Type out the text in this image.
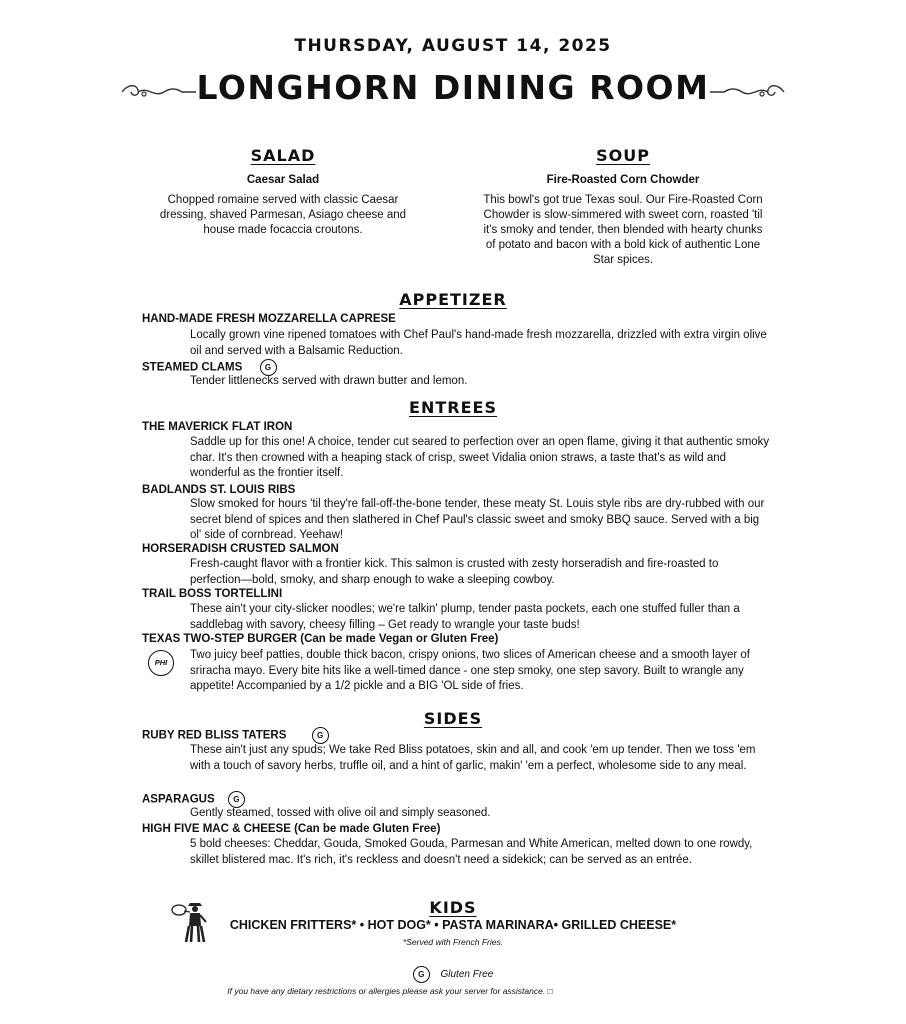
THURSDAY, AUGUST 14, 2025
LONGHORN DINING ROOM
SALAD
Caesar Salad
Chopped romaine served with classic Caesar dressing, shaved Parmesan, Asiago cheese and house made focaccia croutons.
SOUP
Fire-Roasted Corn Chowder
This bowl's got true Texas soul. Our Fire-Roasted Corn Chowder is slow-simmered with sweet corn, roasted 'til it's smoky and tender, then blended with hearty chunks of potato and bacon with a bold kick of authentic Lone Star spices.
APPETIZER
HAND-MADE FRESH MOZZARELLA CAPRESE
Locally grown vine ripened tomatoes with Chef Paul's hand-made fresh mozzarella, drizzled with extra virgin olive oil and served with a Balsamic Reduction.
STEAMED CLAMS	G
Tender littlenecks served with drawn butter and lemon.
ENTREES
THE MAVERICK FLAT IRON
Saddle up for this one! A choice, tender cut seared to perfection over an open flame, giving it that authentic smoky char. It's then crowned with a heaping stack of crisp, sweet Vidalia onion straws, a taste that's as wild and wonderful as the frontier itself.
BADLANDS ST. LOUIS RIBS
Slow smoked for hours 'til they're fall-off-the-bone tender, these meaty St. Louis style ribs are dry-rubbed with our secret blend of spices and then slathered in Chef Paul's classic sweet and smoky BBQ sauce. Served with a big ol' side of cornbread. Yeehaw!
HORSERADISH CRUSTED SALMON
Fresh-caught flavor with a frontier kick. This salmon is crusted with zesty horseradish and fire-roasted to perfection—bold, smoky, and sharp enough to wake a sleeping cowboy.
TRAIL BOSS TORTELLINI
These ain't your city-slicker noodles; we're talkin' plump, tender pasta pockets, each one stuffed fuller than a saddlebag with savory, cheesy filling – Get ready to wrangle your taste buds!
TEXAS TWO-STEP BURGER (Can be made Vegan or Gluten Free)
PHI
Two juicy beef patties, double thick bacon, crispy onions, two slices of American cheese and a smooth layer of sriracha mayo. Every bite hits like a well-timed dance - one step smoky, one step savory. Built to wrangle any appetite! Accompanied by a 1/2 pickle and a BIG 'OL side of fries.
SIDES
RUBY RED BLISS TATERS	G
These ain't just any spuds; We take Red Bliss potatoes, skin and all, and cook 'em up tender. Then we toss 'em with a touch of savory herbs, truffle oil, and a hint of garlic, makin' 'em a perfect, wholesome side to any meal.
ASPARAGUS G
Gently steamed, tossed with olive oil and simply seasoned.
HIGH FIVE MAC & CHEESE (Can be made Gluten Free)
5 bold cheeses: Cheddar, Gouda, Smoked Gouda, Parmesan and White American, melted down to one rowdy, skillet blistered mac. It's rich, it's reckless and doesn't need a sidekick; can be served as an entrée.
KIDS
CHICKEN FRITTERS* • HOT DOG* • PASTA MARINARA• GRILLED CHEESE*
*Served with French Fries.
G Gluten Free
If you have any dietary restrictions or allergies please ask your server for assistance. □
